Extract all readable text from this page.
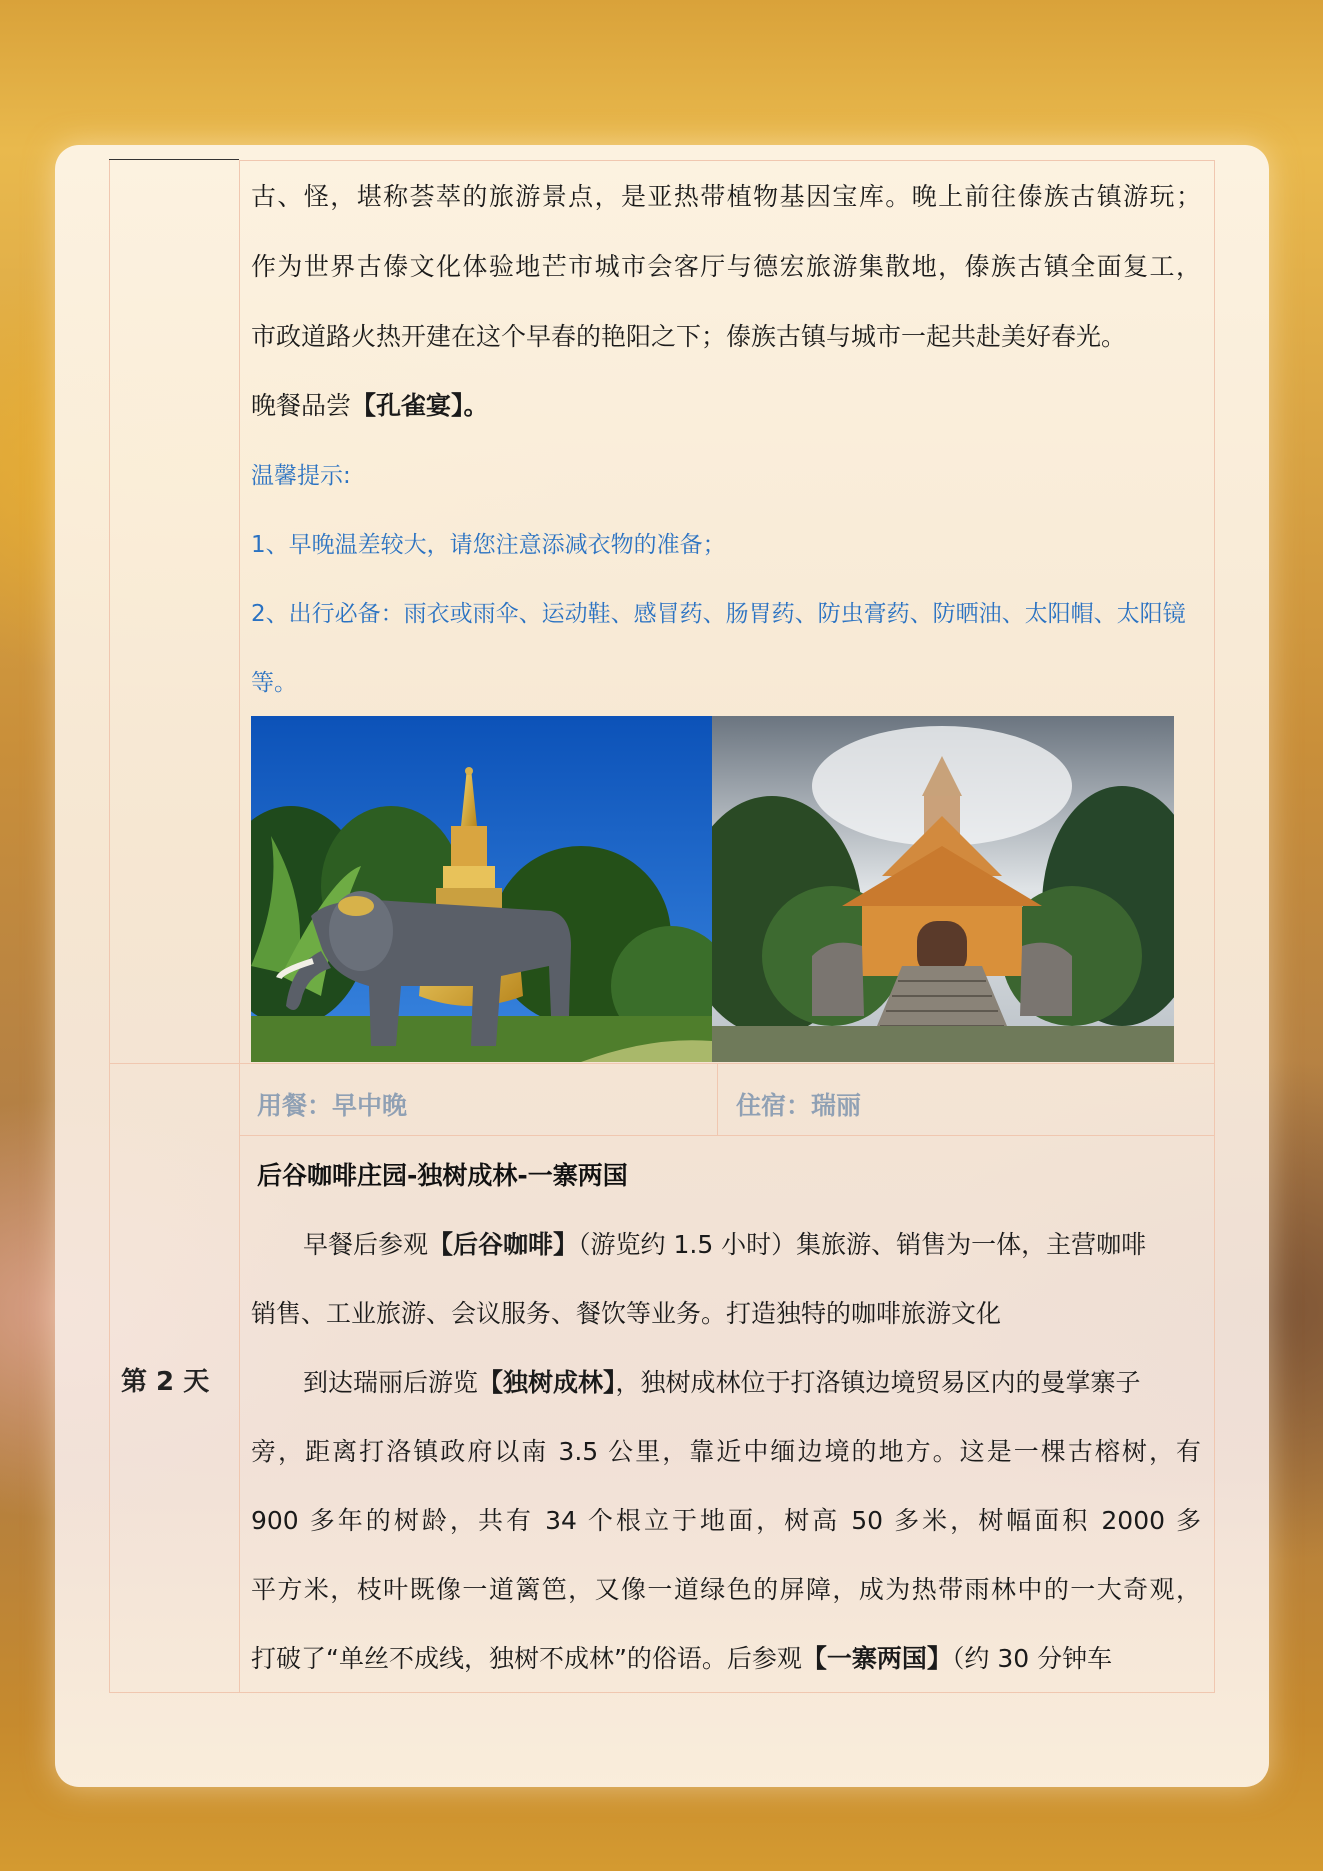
古、怪，堪称荟萃的旅游景点，是亚热带植物基因宝库。晚上前往傣族古镇游玩；
作为世界古傣文化体验地芒市城市会客厅与德宏旅游集散地，傣族古镇全面复工，
市政道路火热开建在这个早春的艳阳之下；傣族古镇与城市一起共赴美好春光。
晚餐品尝【孔雀宴】。
温馨提示:
1、早晚温差较大，请您注意添减衣物的准备；
2、出行必备：雨衣或雨伞、运动鞋、感冒药、肠胃药、防虫膏药、防晒油、太阳帽、太阳镜
等。
用餐：早中晚	住宿：瑞丽
第 2 天
后谷咖啡庄园-独树成林-一寨两国
早餐后参观【后谷咖啡】（游览约 1.5 小时）集旅游、销售为一体，主营咖啡
销售、工业旅游、会议服务、餐饮等业务。打造独特的咖啡旅游文化
到达瑞丽后游览【独树成林】，独树成林位于打洛镇边境贸易区内的曼掌寨子
旁，距离打洛镇政府以南 3.5 公里，靠近中缅边境的地方。这是一棵古榕树，有
900 多年的树龄，共有 34 个根立于地面，树高 50 多米，树幅面积 2000 多
平方米，枝叶既像一道篱笆，又像一道绿色的屏障，成为热带雨林中的一大奇观，
打破了“单丝不成线，独树不成林”的俗语。后参观【一寨两国】（约 30 分钟车
